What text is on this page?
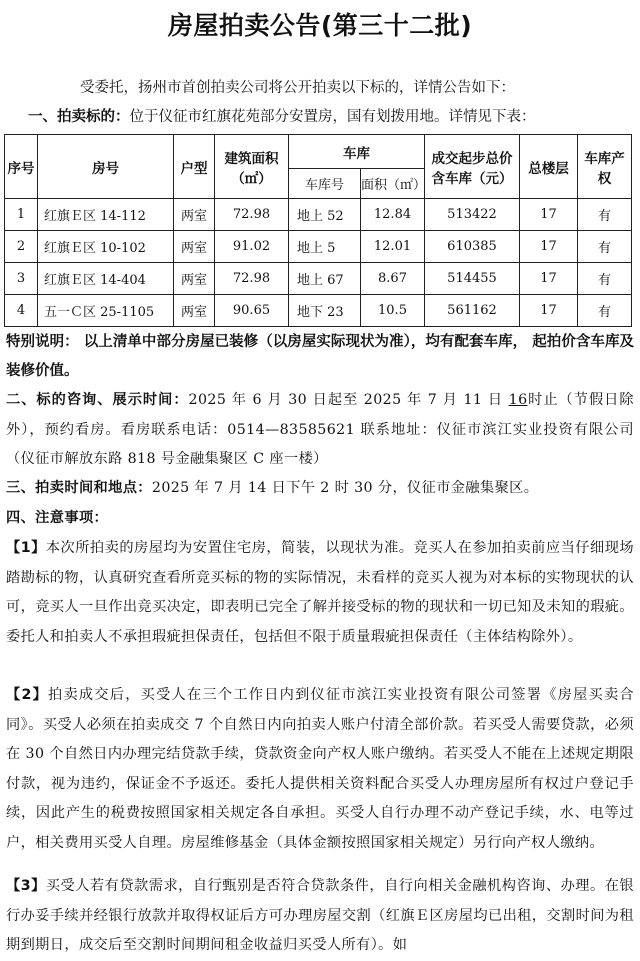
房屋拍卖公告(第三十二批)
受委托，扬州市首创拍卖公司将公开拍卖以下标的，详情公告如下：
一、拍卖标的：位于仪征市红旗花苑部分安置房，国有划拨用地。详情见下表：
序号	房号	户型	建筑面积（㎡）	车库		成交起步总价含车库（元）	总楼层	车库产权
				车库号	面积（㎡）			
1	红旗Ｅ区 14-112	两室	72.98	地上 52	12.84	513422	17	有
2	红旗Ｅ区 10-102	两室	91.02	地上 5	12.01	610385	17	有
3	红旗Ｅ区 14-404	两室	72.98	地上 67	8.67	514455	17	有
4	五一Ｃ区 25-1105	两室	90.65	地下 23	10.5	561162	17	有
特别说明： 以上清单中部分房屋已装修（以房屋实际现状为准），均有配套车库， 起拍价含车库及装修价值。
二、标的咨询、展示时间：2025 年 6 月 30 日起至 2025 年 7 月 11 日 16时止（节假日除外），预约看房。看房联系电话：0514—83585621 联系地址：仪征市滨江实业投资有限公司（仪征市解放东路 818 号金融集聚区 C 座一楼）
三、拍卖时间和地点：2025 年 7 月 14 日下午 2 时 30 分，仪征市金融集聚区。
四、注意事项：
【1】本次所拍卖的房屋均为安置住宅房，简装，以现状为准。竞买人在参加拍卖前应当仔细现场踏勘标的物，认真研究查看所竞买标的物的实际情况，未看样的竞买人视为对本标的实物现状的认可，竞买人一旦作出竞买决定，即表明已完全了解并接受标的物的现状和一切已知及未知的瑕疵。委托人和拍卖人不承担瑕疵担保责任，包括但不限于质量瑕疵担保责任（主体结构除外）。
【2】拍卖成交后，买受人在三个工作日内到仪征市滨江实业投资有限公司签署《房屋买卖合同》。买受人必须在拍卖成交 7 个自然日内向拍卖人账户付清全部价款。若买受人需要贷款，必须在 30 个自然日内办理完结贷款手续，贷款资金向产权人账户缴纳。若买受人不能在上述规定期限付款，视为违约，保证金不予返还。委托人提供相关资料配合买受人办理房屋所有权过户登记手续，因此产生的税费按照国家相关规定各自承担。买受人自行办理不动产登记手续，水、电等过户，相关费用买受人自理。房屋维修基金（具体金额按照国家相关规定）另行向产权人缴纳。
【3】买受人若有贷款需求，自行甄别是否符合贷款条件，自行向相关金融机构咨询、办理。在银行办妥手续并经银行放款并取得权证后方可办理房屋交割（红旗Ｅ区房屋均已出租，交割时间为租期到期日，成交后至交割时间期间租金收益归买受人所有）。如
